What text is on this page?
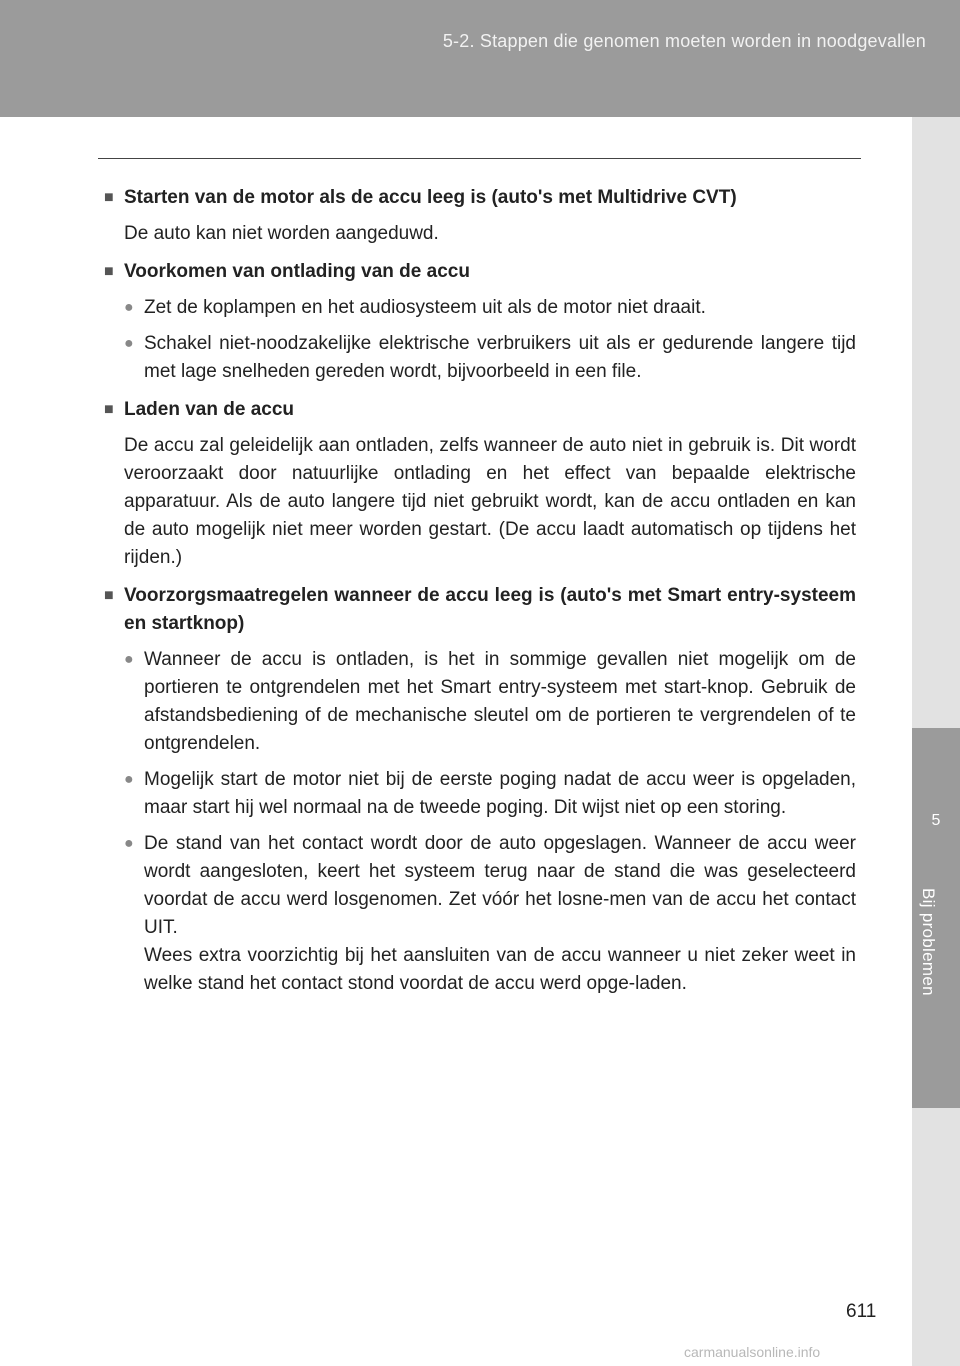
5-2. Stappen die genomen moeten worden in noodgevallen
5
Bij problemen
■ Starten van de motor als de accu leeg is (auto's met Multidrive CVT)

De auto kan niet worden aangeduwd.

■ Voorkomen van ontlading van de accu
● Zet de koplampen en het audiosysteem uit als de motor niet draait.
● Schakel niet-noodzakelijke elektrische verbruikers uit als er gedurende langere tijd met lage snelheden gereden wordt, bijvoorbeeld in een file.
■ Laden van de accu

De accu zal geleidelijk aan ontladen, zelfs wanneer de auto niet in gebruik is. Dit wordt veroorzaakt door natuurlijke ontlading en het effect van bepaalde elektrische apparatuur. Als de auto langere tijd niet gebruikt wordt, kan de accu ontladen en kan de auto mogelijk niet meer worden gestart. (De accu laadt automatisch op tijdens het rijden.)

■ Voorzorgsmaatregelen wanneer de accu leeg is (auto's met Smart entry-systeem en startknop)
● Wanneer de accu is ontladen, is het in sommige gevallen niet mogelijk om de portieren te ontgrendelen met het Smart entry-systeem met start-knop. Gebruik de afstandsbediening of de mechanische sleutel om de portieren te vergrendelen of te ontgrendelen.
● Mogelijk start de motor niet bij de eerste poging nadat de accu weer is opgeladen, maar start hij wel normaal na de tweede poging. Dit wijst niet op een storing.
● De stand van het contact wordt door de auto opgeslagen. Wanneer de accu weer wordt aangesloten, keert het systeem terug naar de stand die was geselecteerd voordat de accu werd losgenomen. Zet vóór het losne-men van de accu het contact UIT.
Wees extra voorzichtig bij het aansluiten van de accu wanneer u niet zeker weet in welke stand het contact stond voordat de accu werd opge-laden.
611
carmanualsonline.info
